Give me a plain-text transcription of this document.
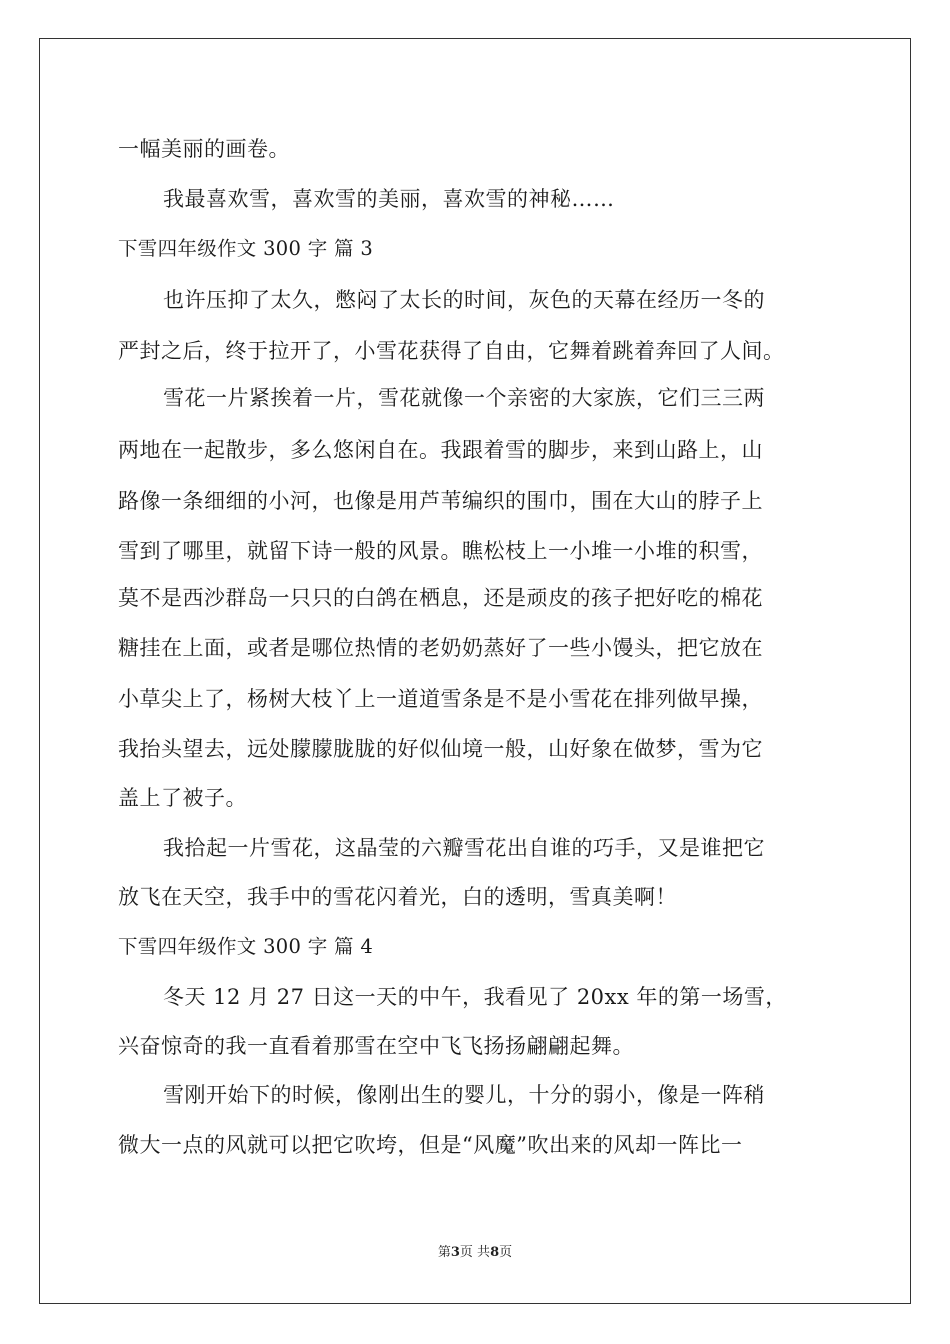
一幅美丽的画卷。
我最喜欢雪，喜欢雪的美丽，喜欢雪的神秘……
下雪四年级作文 300 字 篇 3
也许压抑了太久，憋闷了太长的时间，灰色的天幕在经历一冬的
严封之后，终于拉开了，小雪花获得了自由，它舞着跳着奔回了人间。
雪花一片紧挨着一片，雪花就像一个亲密的大家族，它们三三两
两地在一起散步，多么悠闲自在。我跟着雪的脚步，来到山路上，山
路像一条细细的小河，也像是用芦苇编织的围巾，围在大山的脖子上
雪到了哪里，就留下诗一般的风景。瞧松枝上一小堆一小堆的积雪，
莫不是西沙群岛一只只的白鸽在栖息，还是顽皮的孩子把好吃的棉花
糖挂在上面，或者是哪位热情的老奶奶蒸好了一些小馒头，把它放在
小草尖上了，杨树大枝丫上一道道雪条是不是小雪花在排列做早操，
我抬头望去，远处朦朦胧胧的好似仙境一般，山好象在做梦，雪为它
盖上了被子。
我拾起一片雪花，这晶莹的六瓣雪花出自谁的巧手，又是谁把它
放飞在天空，我手中的雪花闪着光，白的透明，雪真美啊！
下雪四年级作文 300 字 篇 4
冬天 12 月 27 日这一天的中午，我看见了 20xx 年的第一场雪，
兴奋惊奇的我一直看着那雪在空中飞飞扬扬翩翩起舞。
雪刚开始下的时候，像刚出生的婴儿，十分的弱小，像是一阵稍
微大一点的风就可以把它吹垮，但是“风魔”吹出来的风却一阵比一
第3页 共8页
